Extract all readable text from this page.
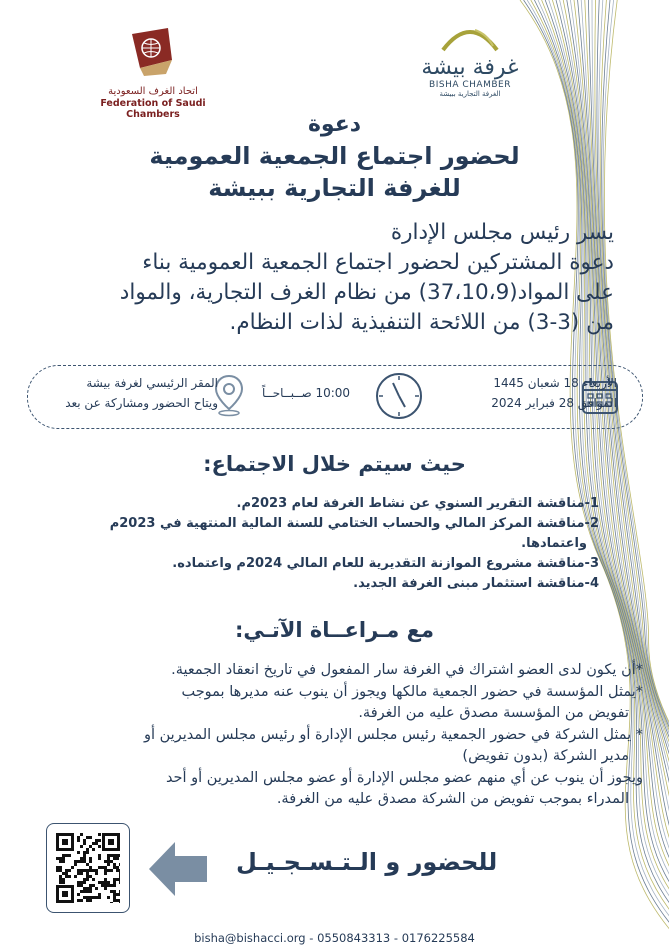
اتحاد الغرف السعودية
Federation of Saudi Chambers
غرفة بيشة
BISHA CHAMBER
الغرفة التجارية ببيشة
دعوة
لحضور اجتماع الجمعية العمومية
للغرفة التجارية ببيشة
يسر رئيس مجلس الإدارة
دعوة المشتركين لحضور اجتماع الجمعية العمومية بناء
على المواد(37،10،9) من نظام الغرف التجارية، والمواد
من (3-3) من اللائحة التنفيذية لذات النظام.
الأربعاء 18 شعبان 1445
الموافق 28 فبراير 2024
10:00 صــبــاحــاً
المقر الرئيسي لغرفة بيشة
ويتاح الحضور ومشاركة عن بعد
حيث سيتم خلال الاجتماع:
1-مناقشة التقرير السنوي عن نشاط الغرفة لعام 2023م.
2-مناقشة المركز المالي والحساب الختامي للسنة المالية المنتهية في 2023م
واعتمادها.
3-مناقشة مشروع الموازنة التقديرية للعام المالي 2024م واعتماده.
4-مناقشة استثمار مبنى الغرفة الجديد.
مع مـراعــاة الآتـي:
*أن يكون لدى العضو اشتراك في الغرفة سار المفعول في تاريخ انعقاد الجمعية.
*يمثل المؤسسة في حضور الجمعية مالكها ويجوز أن ينوب عنه مديرها بموجب
تفويض من المؤسسة مصدق عليه من الغرفة.
* يمثل الشركة في حضور الجمعية رئيس مجلس الإدارة أو رئيس مجلس المديرين أو
مدير الشركة (بدون تفويض)
ويجوز أن ينوب عن أي منهم عضو مجلس الإدارة أو عضو مجلس المديرين أو أحد
المدراء بموجب تفويض من الشركة مصدق عليه من الغرفة.
للحضور و الـتـسـجـيـل
bisha@bishacci.org - 0550843313 - 0176225584
